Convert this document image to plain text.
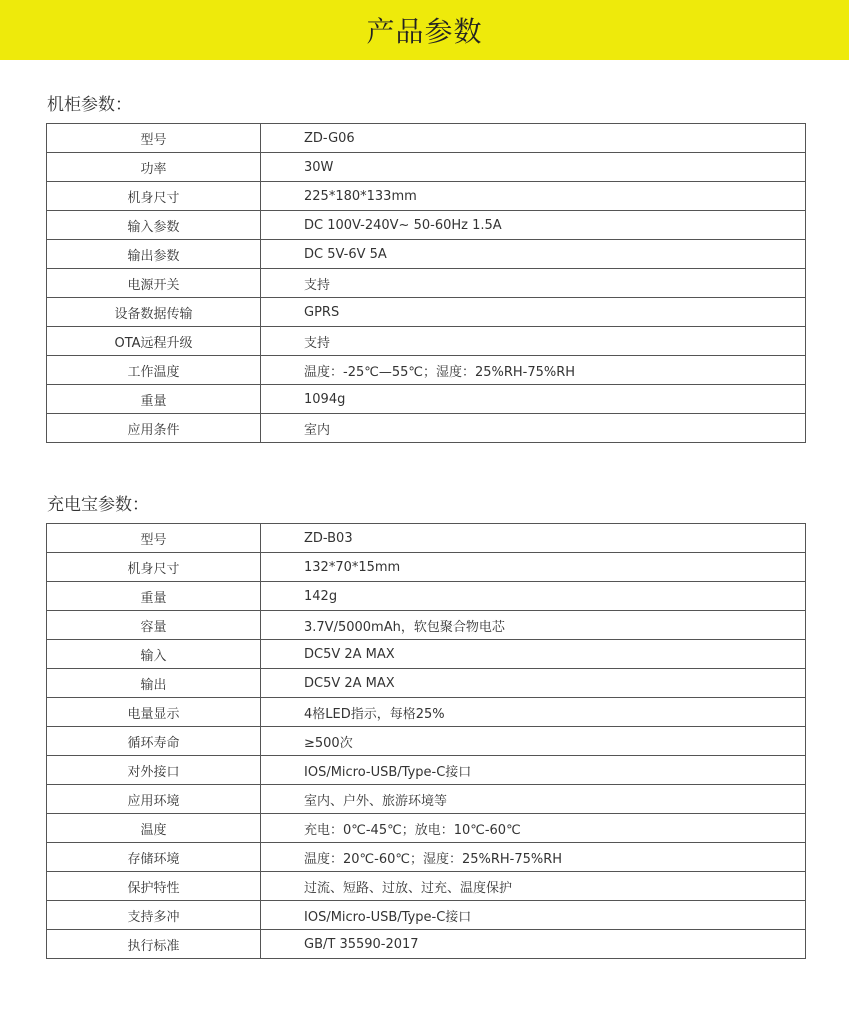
产品参数
机柜参数：
型号	ZD-G06
功率	30W
机身尺寸	225*180*133mm
输入参数	DC 100V-240V~ 50-60Hz 1.5A
输出参数	DC 5V-6V 5A
电源开关	支持
设备数据传输	GPRS
OTA远程升级	支持
工作温度	温度：-25℃—55℃；湿度：25%RH-75%RH
重量	1094g
应用条件	室内
充电宝参数：
型号	ZD-B03
机身尺寸	132*70*15mm
重量	142g
容量	3.7V/5000mAh，软包聚合物电芯
输入	DC5V 2A MAX
输出	DC5V 2A MAX
电量显示	4格LED指示，每格25%
循环寿命	≥500次
对外接口	IOS/Micro-USB/Type-C接口
应用环境	室内、户外、旅游环境等
温度	充电：0℃-45℃；放电：10℃-60℃
存储环境	温度：20℃-60℃；湿度：25%RH-75%RH
保护特性	过流、短路、过放、过充、温度保护
支持多冲	IOS/Micro-USB/Type-C接口
执行标准	GB/T 35590-2017
